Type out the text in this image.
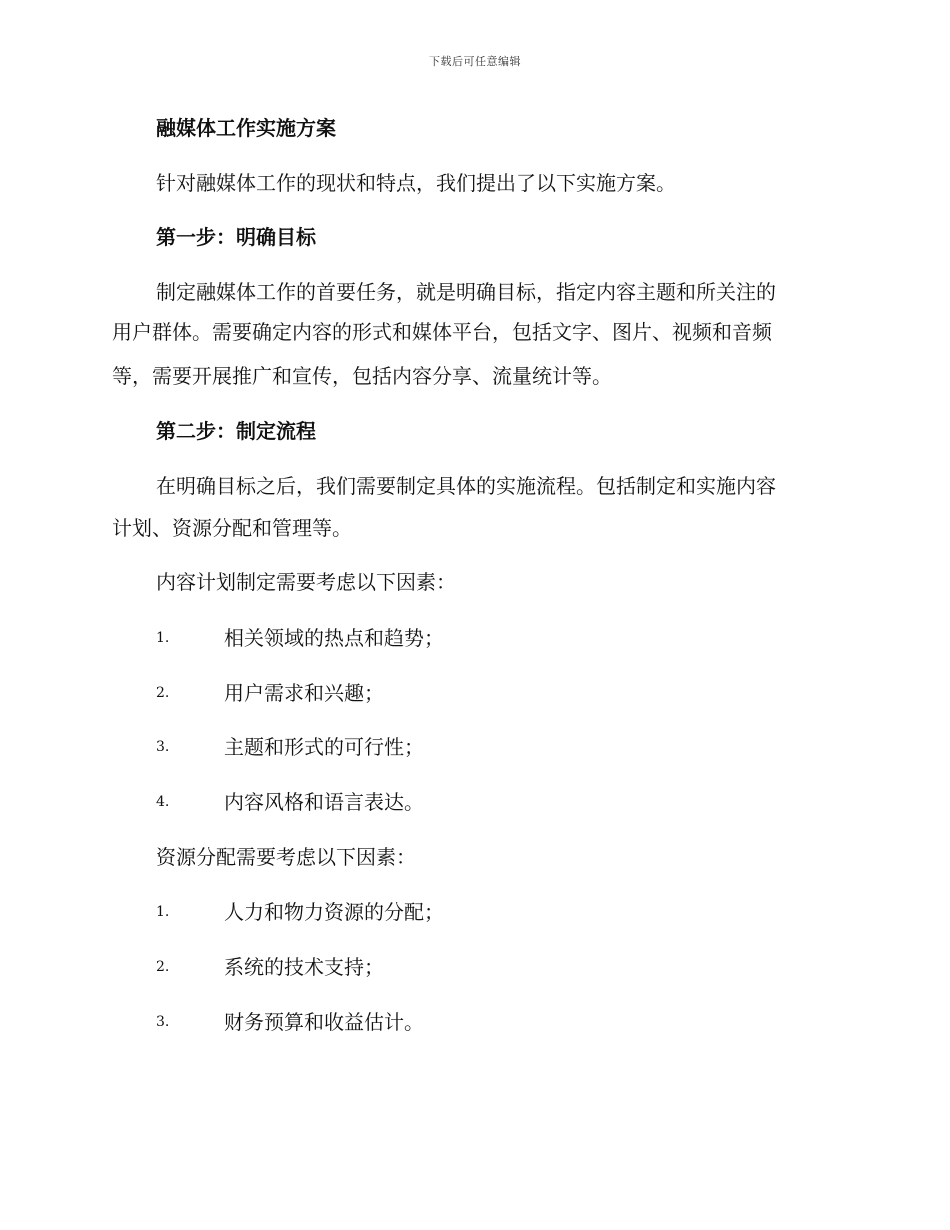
下载后可任意编辑
融媒体工作实施方案
针对融媒体工作的现状和特点，我们提出了以下实施方案。
第一步：明确目标
制定融媒体工作的首要任务，就是明确目标，指定内容主题和所关注的
用户群体。需要确定内容的形式和媒体平台，包括文字、图片、视频和音频
等，需要开展推广和宣传，包括内容分享、流量统计等。
第二步：制定流程
在明确目标之后，我们需要制定具体的实施流程。包括制定和实施内容
计划、资源分配和管理等。
内容计划制定需要考虑以下因素：
1.	相关领域的热点和趋势；
2.	用户需求和兴趣；
3.	主题和形式的可行性；
4.	内容风格和语言表达。
资源分配需要考虑以下因素：
1.	人力和物力资源的分配；
2.	系统的技术支持；
3.	财务预算和收益估计。
